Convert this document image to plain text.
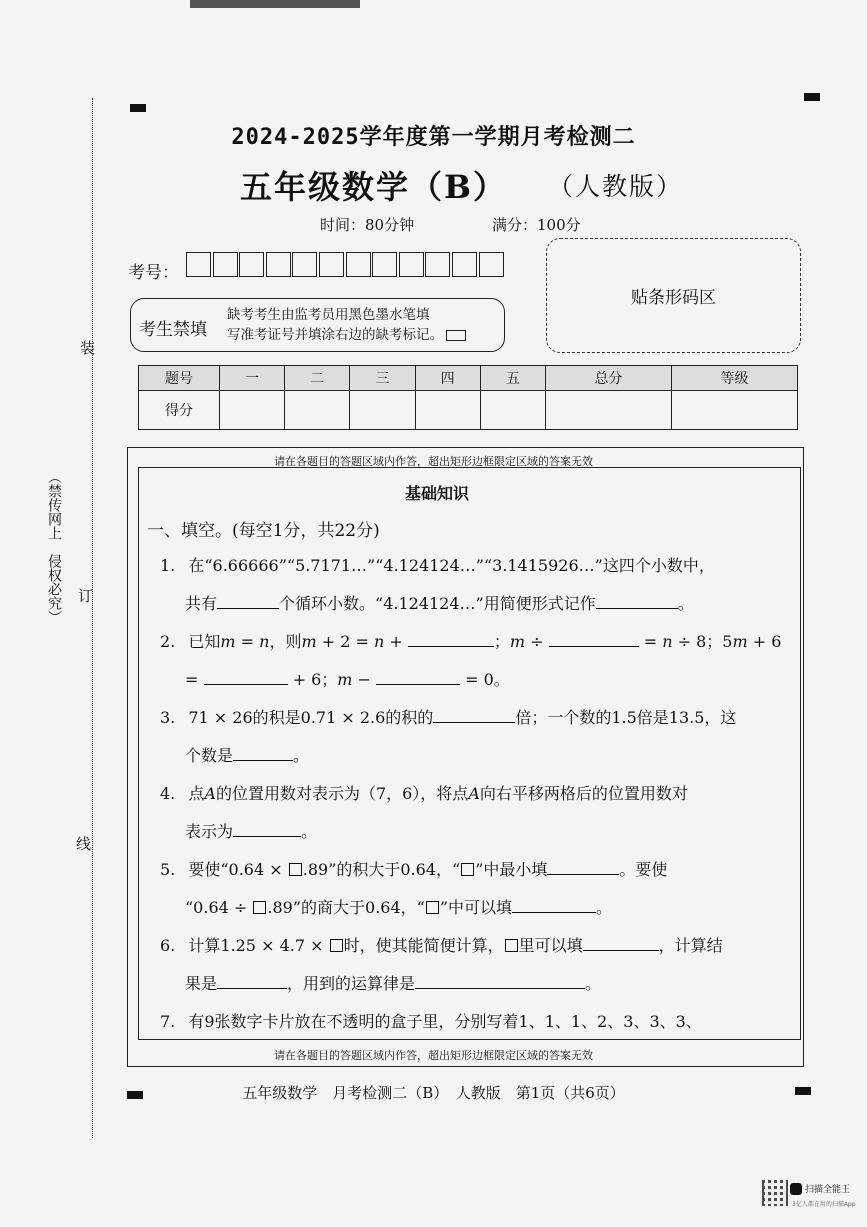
装
订
线
（禁传网上　侵权必究）
2024-2025学年度第一学期月考检测二
五年级数学（B） （人教版）
时间：80分钟	满分：100分
考号：
贴条形码区
考生禁填
缺考考生由监考员用黑色墨水笔填
写准考证号并填涂右边的缺考标记。
题号	一	二	三	四	五	总分	等级
得分							
请在各题目的答题区域内作答，超出矩形边框限定区域的答案无效
请在各题目的答题区域内作答，超出矩形边框限定区域的答案无效
基础知识
一、填空。(每空1分，共22分)
1. 在“6.66666”“5.7171…”“4.124124…”“3.1415926…”这四个小数中，
共有	个循环小数。“4.124124…”用简便形式记作	。
2. 已知m = n，则m + 2 = n +	；m ÷	= n ÷ 8；5m + 6
=	+ 6；m −	= 0。
3. 71 × 26的积是0.71 × 2.6的积的	倍；一个数的1.5倍是13.5，这
个数是	。
4. 点A的位置用数对表示为（7，6），将点A向右平移两格后的位置用数对
表示为	。
5. 要使“0.64 × .89”的积大于0.64，“ ”中最小填	。要使
“0.64 ÷ .89”的商大于0.64，“ ”中可以填	。
6. 计算1.25 × 4.7 × 时，使其能简便计算， 里可以填	，计算结
果是	，用到的运算律是	。
7. 有9张数字卡片放在不透明的盒子里，分别写着1、1、1、2、3、3、3、
五年级数学　月考检测二（B）　人教版　第1页（共6页）
扫描全能王
3亿人都在用的扫描App
